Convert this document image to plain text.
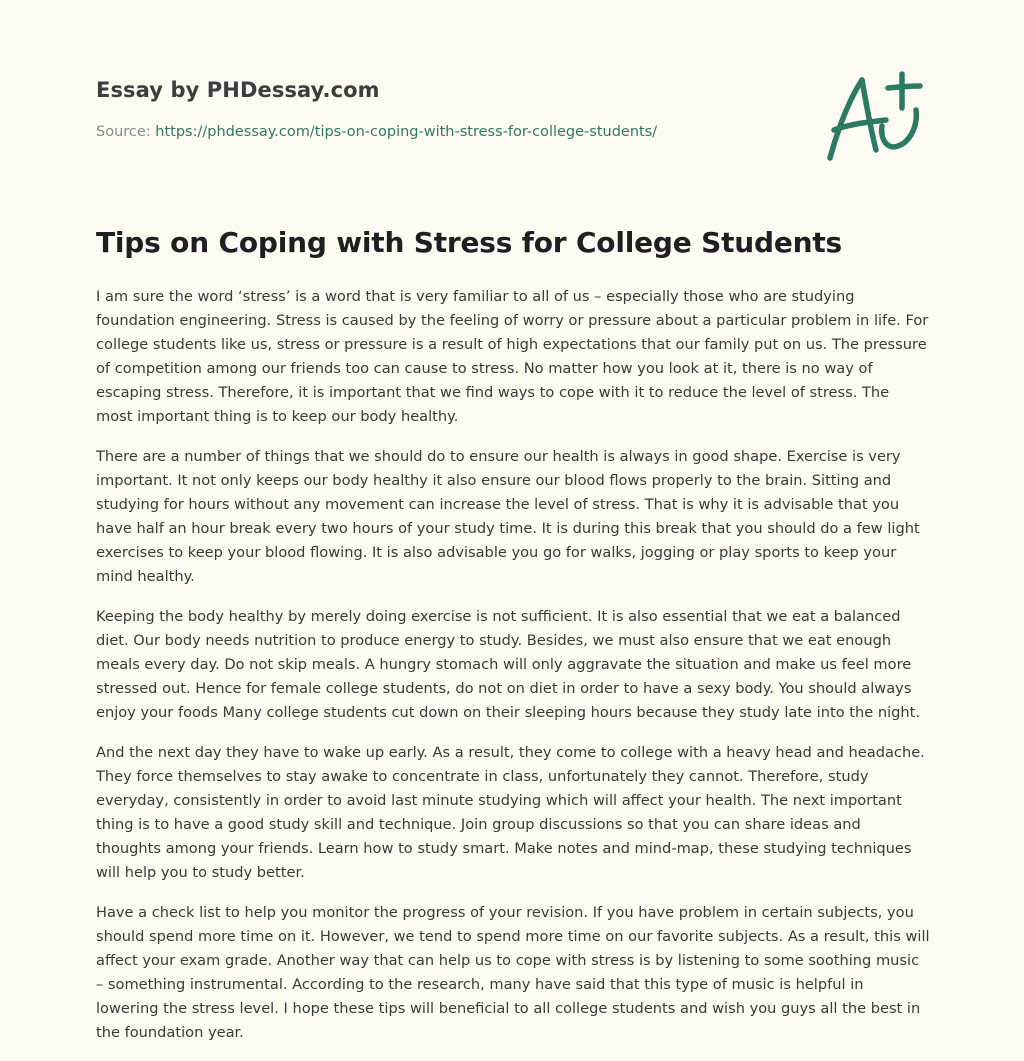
Essay by PHDessay.com
Source: https://phdessay.com/tips-on-coping-with-stress-for-college-students/
Tips on Coping with Stress for College Students

I am sure the word ‘stress’ is a word that is very familiar to all of us – especially those who are studying foundation engineering. Stress is caused by the feeling of worry or pressure about a particular problem in life. For college students like us, stress or pressure is a result of high expectations that our family put on us. The pressure of competition among our friends too can cause to stress. No matter how you look at it, there is no way of escaping stress. Therefore, it is important that we find ways to cope with it to reduce the level of stress. The most important thing is to keep our body healthy.

There are a number of things that we should do to ensure our health is always in good shape. Exercise is very important. It not only keeps our body healthy it also ensure our blood flows properly to the brain. Sitting and studying for hours without any movement can increase the level of stress. That is why it is advisable that you have half an hour break every two hours of your study time. It is during this break that you should do a few light exercises to keep your blood flowing. It is also advisable you go for walks, jogging or play sports to keep your mind healthy.

Keeping the body healthy by merely doing exercise is not sufficient. It is also essential that we eat a balanced diet. Our body needs nutrition to produce energy to study. Besides, we must also ensure that we eat enough meals every day. Do not skip meals. A hungry stomach will only aggravate the situation and make us feel more stressed out. Hence for female college students, do not on diet in order to have a sexy body. You should always enjoy your foods Many college students cut down on their sleeping hours because they study late into the night.

And the next day they have to wake up early. As a result, they come to college with a heavy head and headache. They force themselves to stay awake to concentrate in class, unfortunately they cannot. Therefore, study everyday, consistently in order to avoid last minute studying which will affect your health. The next important thing is to have a good study skill and technique. Join group discussions so that you can share ideas and thoughts among your friends. Learn how to study smart. Make notes and mind-map, these studying techniques will help you to study better.

Have a check list to help you monitor the progress of your revision. If you have problem in certain subjects, you should spend more time on it. However, we tend to spend more time on our favorite subjects. As a result, this will affect your exam grade. Another way that can help us to cope with stress is by listening to some soothing music – something instrumental. According to the research, many have said that this type of music is helpful in lowering the stress level. I hope these tips will beneficial to all college students and wish you guys all the best in the foundation year.
